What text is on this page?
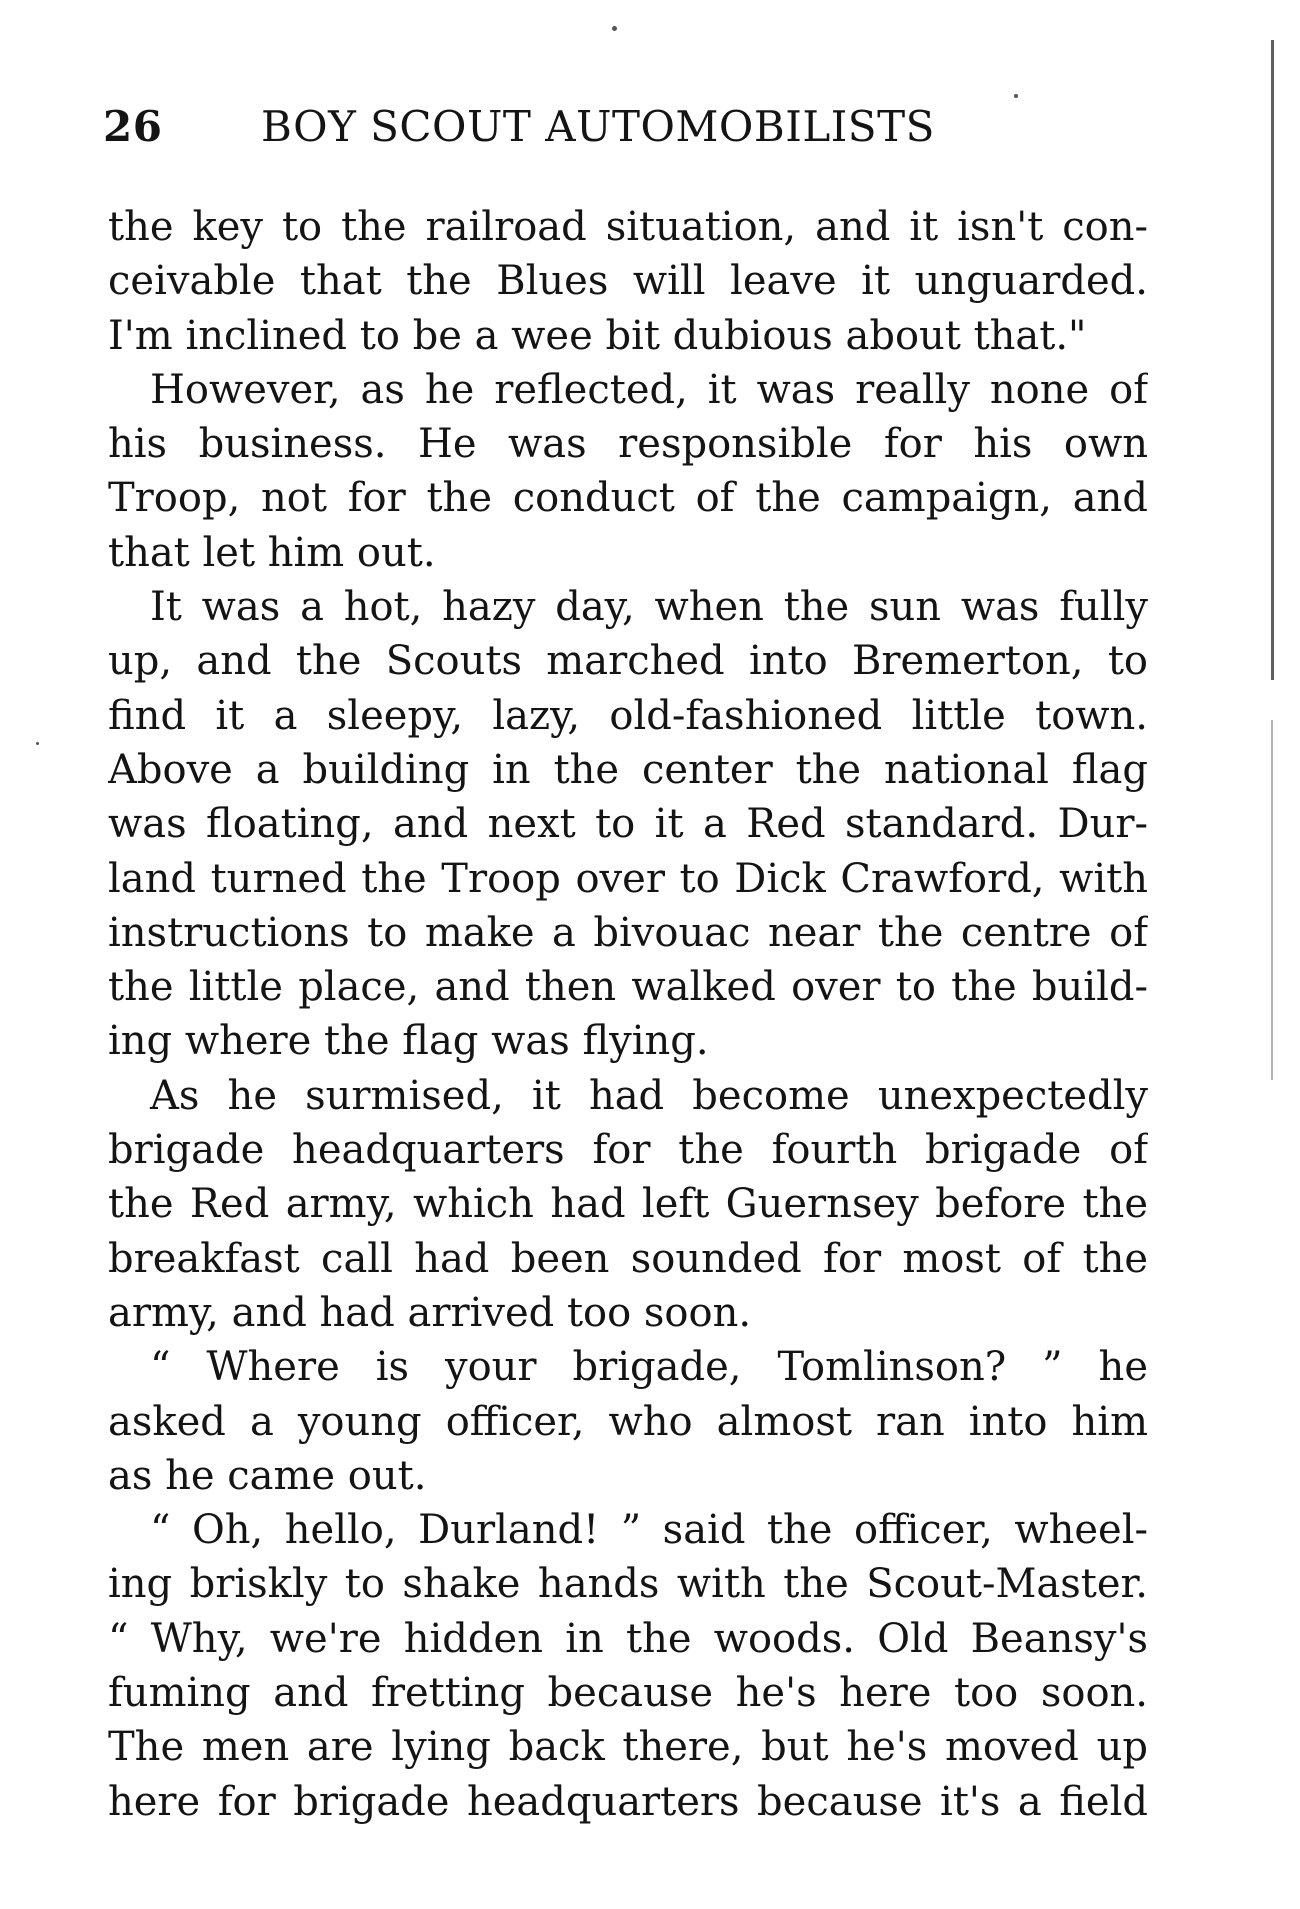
26 BOY SCOUT AUTOMOBILISTS
the key to the railroad situation, and it isn't con-
ceivable that the Blues will leave it unguarded.
I'm inclined to be a wee bit dubious about that."
However, as he reflected, it was really none of
his business. He was responsible for his own
Troop, not for the conduct of the campaign, and
that let him out.
It was a hot, hazy day, when the sun was fully
up, and the Scouts marched into Bremerton, to
find it a sleepy, lazy, old-fashioned little town.
Above a building in the center the national flag
was floating, and next to it a Red standard. Dur-
land turned the Troop over to Dick Crawford, with
instructions to make a bivouac near the centre of
the little place, and then walked over to the build-
ing where the flag was flying.
As he surmised, it had become unexpectedly
brigade headquarters for the fourth brigade of
the Red army, which had left Guernsey before the
breakfast call had been sounded for most of the
army, and had arrived too soon.
“ Where is your brigade, Tomlinson? ” he
asked a young officer, who almost ran into him
as he came out.
“ Oh, hello, Durland! ” said the officer, wheel-
ing briskly to shake hands with the Scout-Master.
“ Why, we're hidden in the woods. Old Beansy's
fuming and fretting because he's here too soon.
The men are lying back there, but he's moved up
here for brigade headquarters because it's a field
